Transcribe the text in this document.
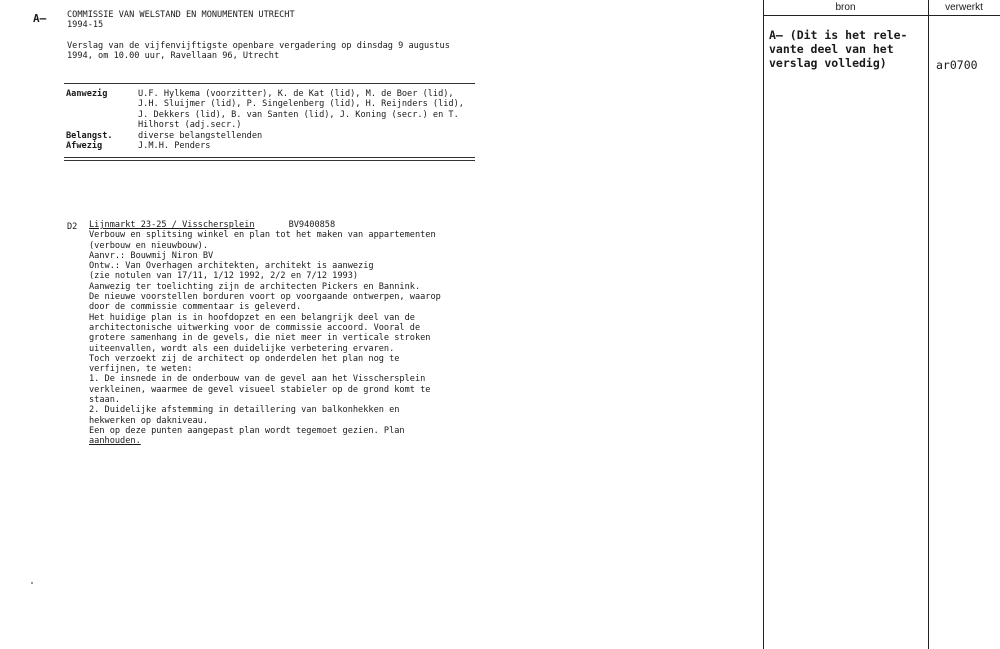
A— COMMISSIE VAN WELSTAND EN MONUMENTEN UTRECHT
1994-15
Verslag van de vijfenvijftigste openbare vergadering op dinsdag 9 augustus
1994, om 10.00 uur, Ravellaan 96, Utrecht
Aanwezig	U.F. Hylkema (voorzitter), K. de Kat (lid), M. de Boer (lid),
J.H. Sluijmer (lid), P. Singelenberg (lid), H. Reijnders (lid),
J. Dekkers (lid), B. van Santen (lid), J. Koning (secr.) en T.
Hilhorst (adj.secr.)
Belangst.	diverse belangstellenden
Afwezig	J.M.H. Penders
D2 Lijnmarkt 23-25 / Visschersplein	BV9400858
Verbouw en splitsing winkel en plan tot het maken van appartementen
(verbouw en nieuwbouw).
Aanvr.: Bouwmij Niron BV
Ontw.: Van Overhagen architekten, architekt is aanwezig
(zie notulen van 17/11, 1/12 1992, 2/2 en 7/12 1993)
Aanwezig ter toelichting zijn de architecten Pickers en Bannink.
De nieuwe voorstellen borduren voort op voorgaande ontwerpen, waarop
door de commissie commentaar is geleverd.
Het huidige plan is in hoofdopzet en een belangrijk deel van de
architectonische uitwerking voor de commissie accoord. Vooral de
grotere samenhang in de gevels, die niet meer in verticale stroken
uiteenvallen, wordt als een duidelijke verbetering ervaren.
Toch verzoekt zij de architect op onderdelen het plan nog te
verfijnen, te weten:
1. De insnede in de onderbouw van de gevel aan het Visschersplein
verkleinen, waarmee de gevel visueel stabieler op de grond komt te
staan.
2. Duidelijke afstemming in detaillering van balkonhekken en
hekwerken op dakniveau.
Een op deze punten aangepast plan wordt tegemoet gezien. Plan
aanhouden.
bron	verwerkt
A— (Dit is het rele-
vante deel van het
verslag volledig)	ar0700
